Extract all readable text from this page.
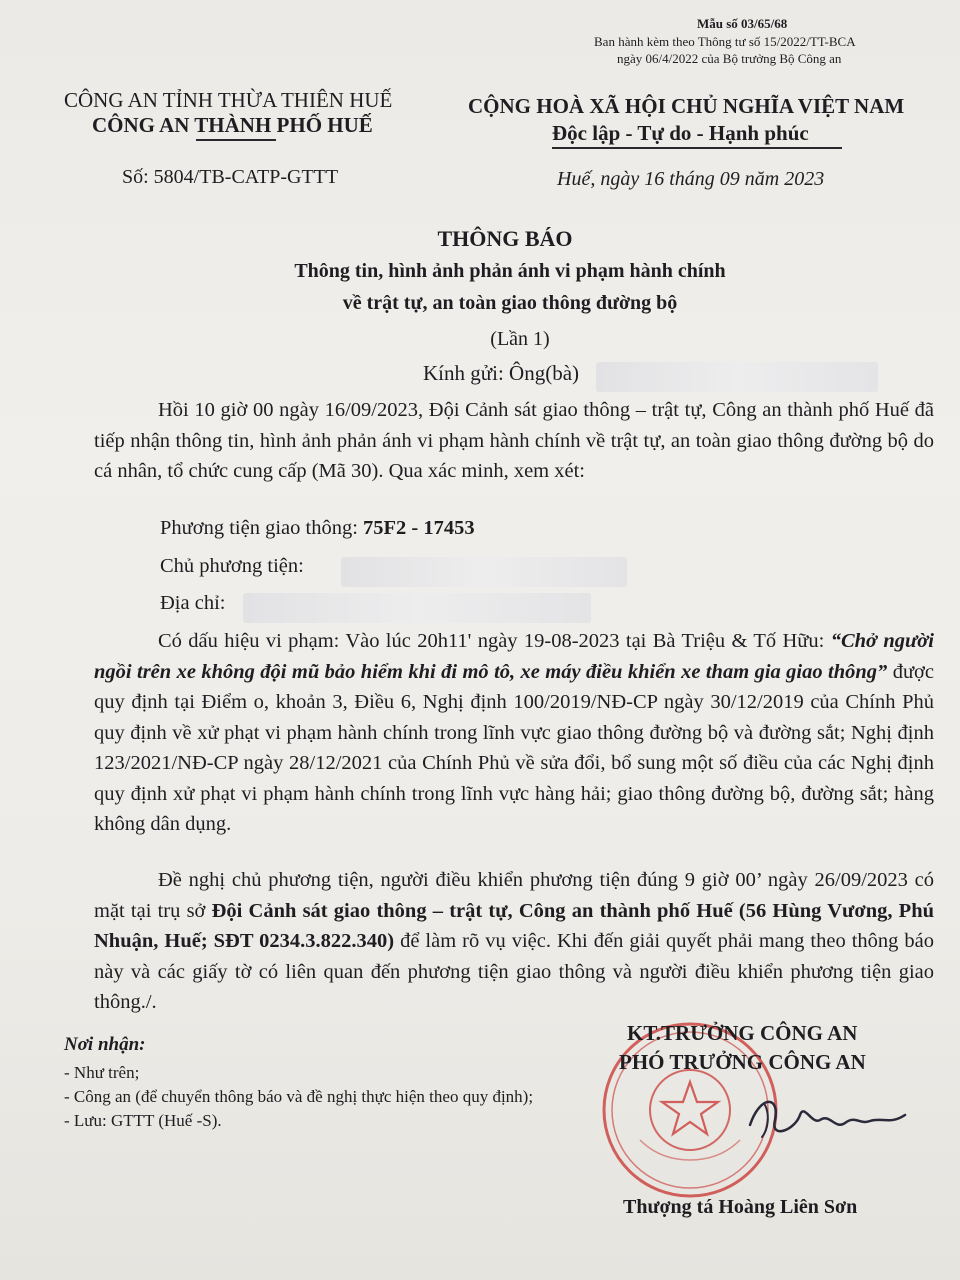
Mẫu số 03/65/68
Ban hành kèm theo Thông tư số 15/2022/TT-BCA
ngày 06/4/2022 của Bộ trưởng Bộ Công an
CÔNG AN TỈNH THỪA THIÊN HUẾ
CÔNG AN THÀNH PHỐ HUẾ
CỘNG HOÀ XÃ HỘI CHỦ NGHĨA VIỆT NAM
Độc lập - Tự do - Hạnh phúc
Số: 5804/TB-CATP-GTTT	Huế, ngày 16 tháng 09 năm 2023
THÔNG BÁO
Thông tin, hình ảnh phản ánh vi phạm hành chính
về trật tự, an toàn giao thông đường bộ
(Lần 1)
Kính gửi: Ông(bà)
Hồi 10 giờ 00 ngày 16/09/2023, Đội Cảnh sát giao thông – trật tự, Công an thành phố Huế đã tiếp nhận thông tin, hình ảnh phản ánh vi phạm hành chính về trật tự, an toàn giao thông đường bộ do cá nhân, tổ chức cung cấp (Mã 30). Qua xác minh, xem xét:
Phương tiện giao thông: 75F2 - 17453
Chủ phương tiện:
Địa chỉ:
Có dấu hiệu vi phạm: Vào lúc 20h11' ngày 19-08-2023 tại Bà Triệu & Tố Hữu: “Chở người ngồi trên xe không đội mũ bảo hiểm khi đi mô tô, xe máy điều khiển xe tham gia giao thông” được quy định tại Điểm o, khoản 3, Điều 6, Nghị định 100/2019/NĐ-CP ngày 30/12/2019 của Chính Phủ quy định về xử phạt vi phạm hành chính trong lĩnh vực giao thông đường bộ và đường sắt; Nghị định 123/2021/NĐ-CP ngày 28/12/2021 của Chính Phủ về sửa đổi, bổ sung một số điều của các Nghị định quy định xử phạt vi phạm hành chính trong lĩnh vực hàng hải; giao thông đường bộ, đường sắt; hàng không dân dụng.
Đề nghị chủ phương tiện, người điều khiển phương tiện đúng 9 giờ 00’ ngày 26/09/2023 có mặt tại trụ sở Đội Cảnh sát giao thông – trật tự, Công an thành phố Huế (56 Hùng Vương, Phú Nhuận, Huế; SĐT 0234.3.822.340) để làm rõ vụ việc. Khi đến giải quyết phải mang theo thông báo này và các giấy tờ có liên quan đến phương tiện giao thông và người điều khiển phương tiện giao thông./.
Nơi nhận:
- Như trên;
- Công an (để chuyển thông báo và đề nghị thực hiện theo quy định);
- Lưu: GTTT (Huế -S).
KT.TRƯỞNG CÔNG AN
PHÓ TRƯỞNG CÔNG AN
Thượng tá Hoàng Liên Sơn
